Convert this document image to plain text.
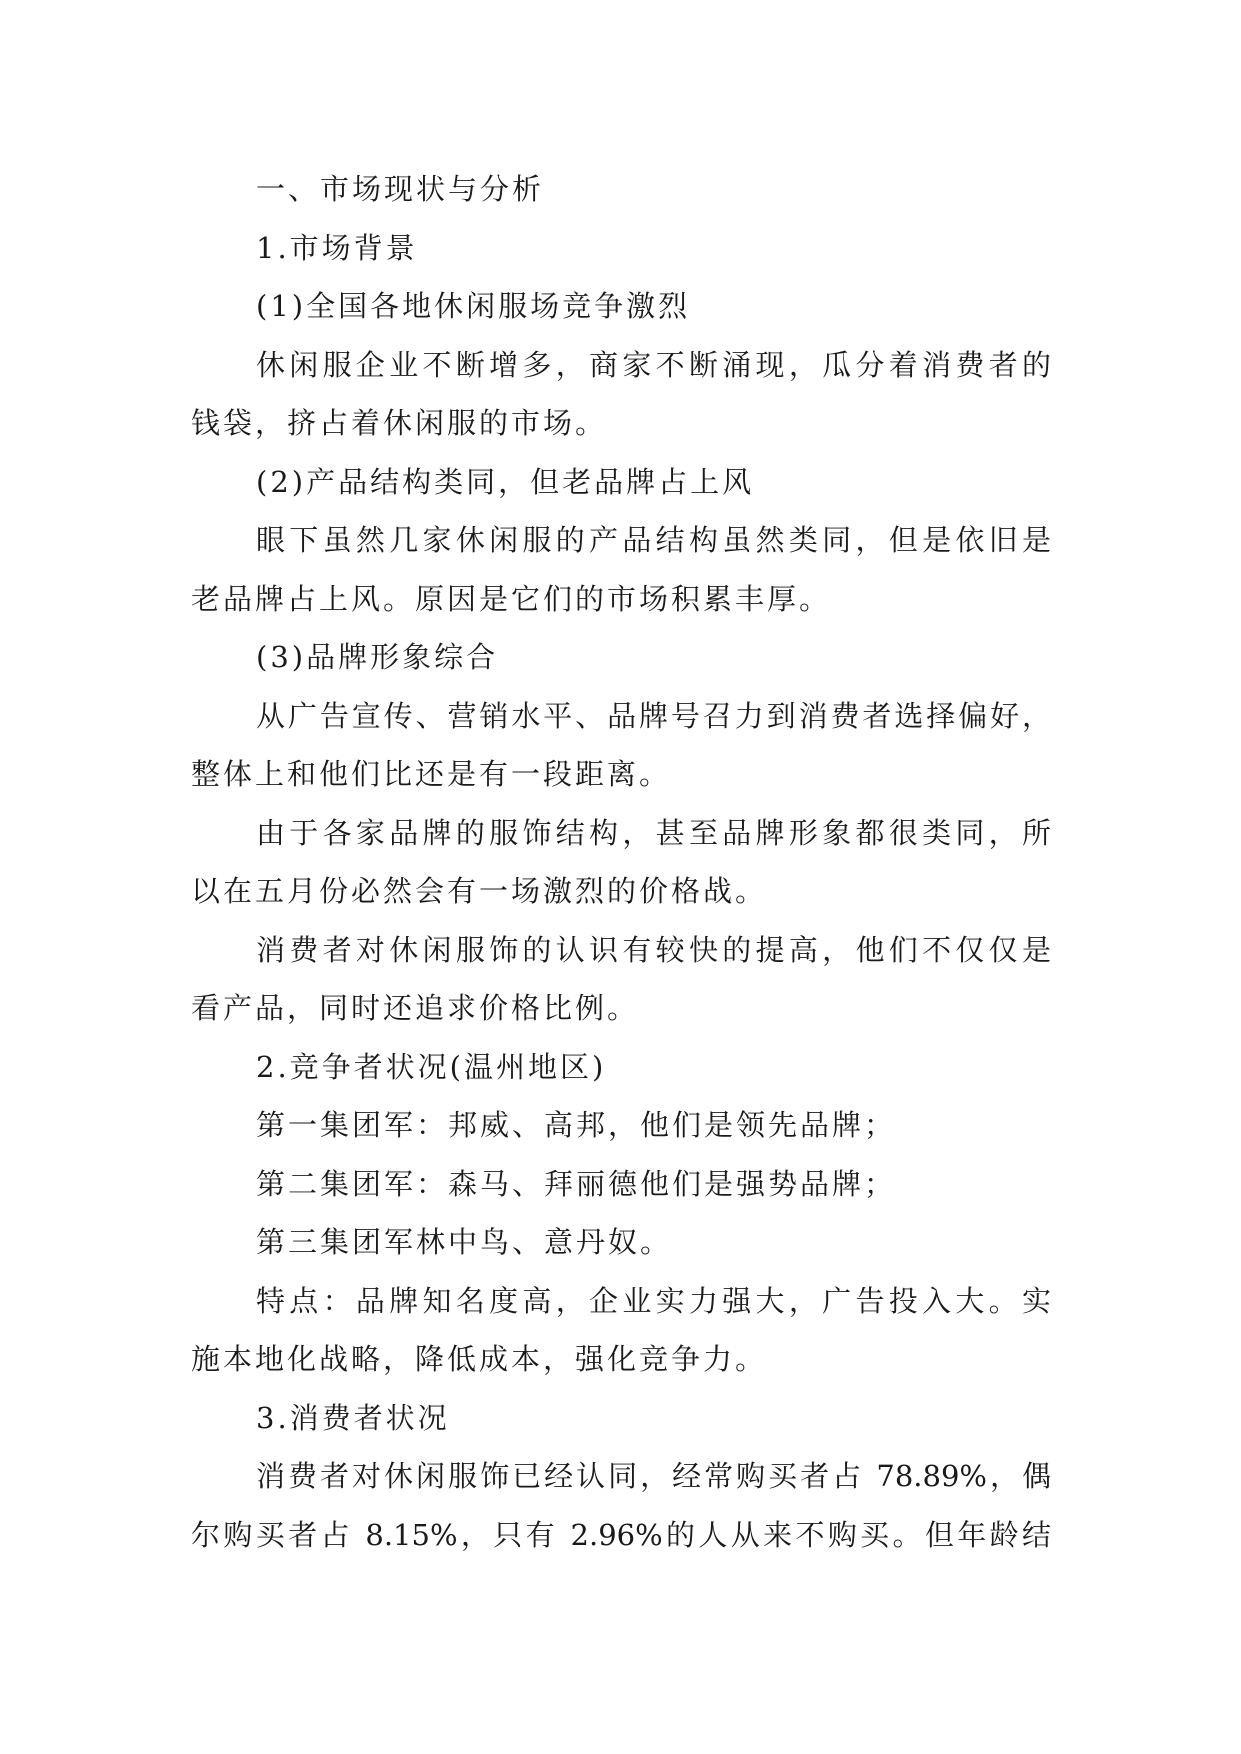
一、市场现状与分析
1.市场背景
(1)全国各地休闲服场竞争激烈
休闲服企业不断增多，商家不断涌现，瓜分着消费者的
钱袋，挤占着休闲服的市场。
(2)产品结构类同，但老品牌占上风
眼下虽然几家休闲服的产品结构虽然类同，但是依旧是
老品牌占上风。原因是它们的市场积累丰厚。
(3)品牌形象综合
从广告宣传、营销水平、品牌号召力到消费者选择偏好，
整体上和他们比还是有一段距离。
由于各家品牌的服饰结构，甚至品牌形象都很类同，所
以在五月份必然会有一场激烈的价格战。
消费者对休闲服饰的认识有较快的提高，他们不仅仅是
看产品，同时还追求价格比例。
2.竞争者状况(温州地区)
第一集团军：邦威、高邦，他们是领先品牌；
第二集团军：森马、拜丽德他们是强势品牌；
第三集团军林中鸟、意丹奴。
特点：品牌知名度高，企业实力强大，广告投入大。实
施本地化战略，降低成本，强化竞争力。
3.消费者状况
消费者对休闲服饰已经认同，经常购买者占 78.89%，偶
尔购买者占 8.15%，只有 2.96%的人从来不购买。但年龄结
